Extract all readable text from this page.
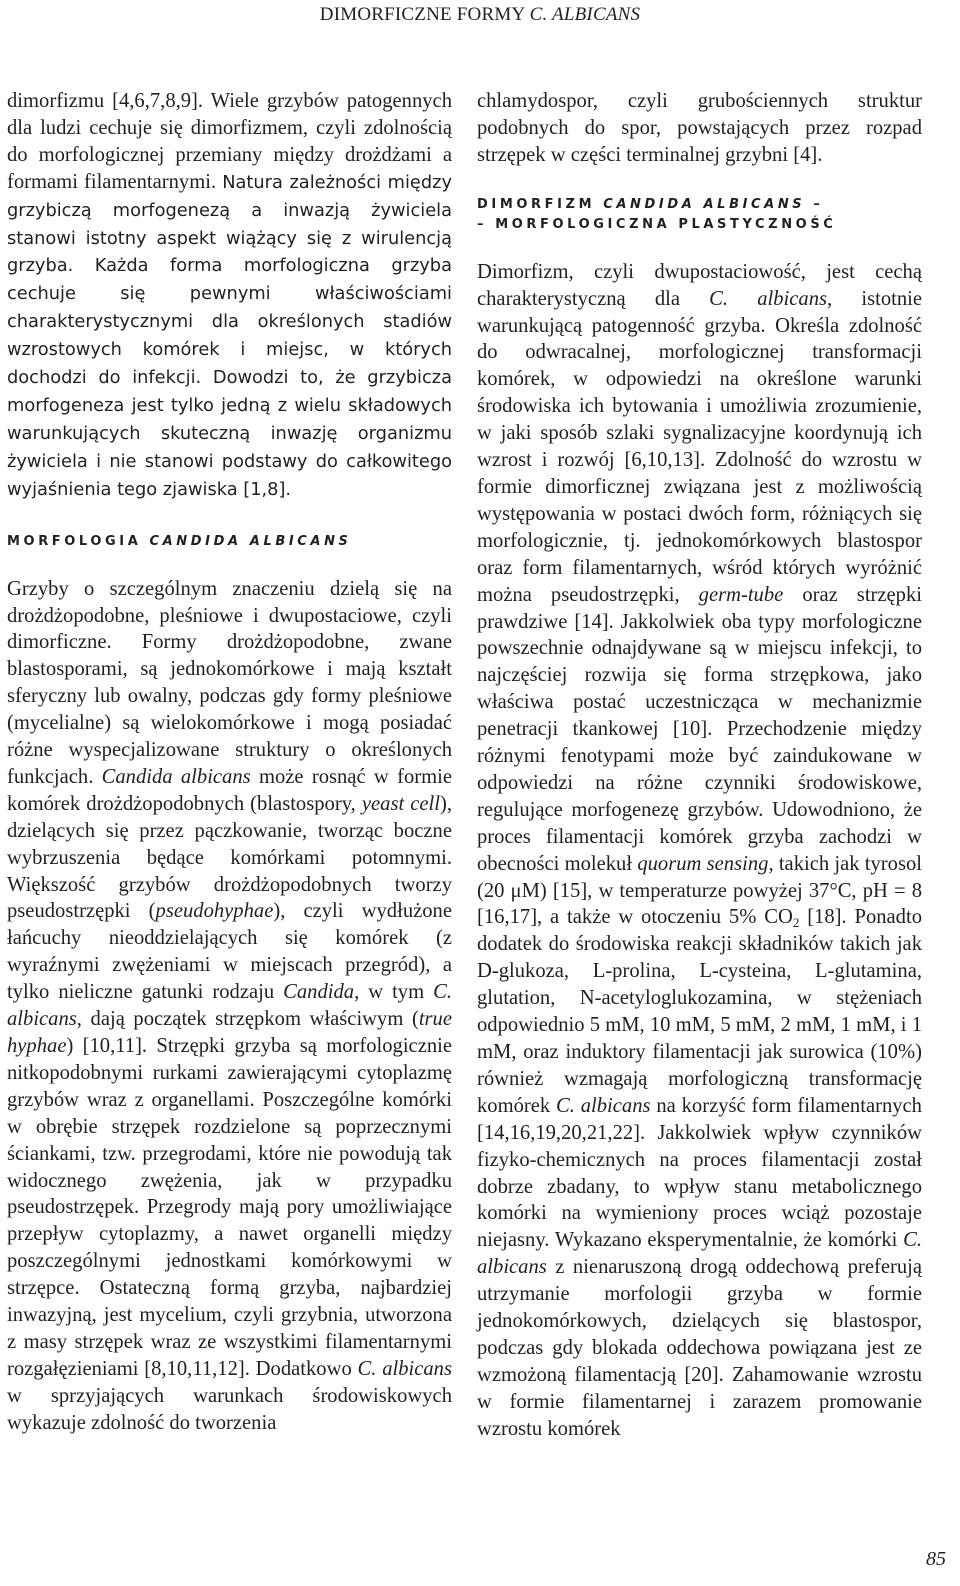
DIMORFICZNE FORMY C. ALBICANS

dimorfizmu [4,6,7,8,9]. Wiele grzybów patogennych dla ludzi cechuje się dimorfizmem, czyli zdolnością do morfologicznej przemiany między drożdżami a formami filamentarnymi. Natura zależności między grzybiczą morfogenezą a inwazją żywiciela stanowi istotny aspekt wiążący się z wirulencją grzyba. Każda forma morfologiczna grzyba cechuje się pewnymi właściwościami charakterystycznymi dla określonych stadiów wzrostowych komórek i miejsc, w których dochodzi do infekcji. Dowodzi to, że grzybicza morfogeneza jest tylko jedną z wielu składowych warunkujących skuteczną inwazję organizmu żywiciela i nie stanowi podstawy do całkowitego wyjaśnienia tego zjawiska [1,8].

MORFOLOGIA CANDIDA ALBICANS

Grzyby o szczególnym znaczeniu dzielą się na drożdżopodobne, pleśniowe i dwupostaciowe, czyli dimorficzne. Formy drożdżopodobne, zwane blastosporami, są jednokomórkowe i mają kształt sferyczny lub owalny, podczas gdy formy pleśniowe (mycelialne) są wielokomórkowe i mogą posiadać różne wyspecjalizowane struktury o określonych funkcjach. Candida albicans może rosnąć w formie komórek drożdżopodobnych (blastospory, yeast cell), dzielących się przez pączkowanie, tworząc boczne wybrzuszenia będące komórkami potomnymi. Większość grzybów drożdżopodobnych tworzy pseudostrzępki (pseudohyphae), czyli wydłużone łańcuchy nieoddzielających się komórek (z wyraźnymi zwężeniami w miejscach przegród), a tylko nieliczne gatunki rodzaju Candida, w tym C. albicans, dają początek strzępkom właściwym (true hyphae) [10,11]. Strzępki grzyba są morfologicznie nitkopodobnymi rurkami zawierającymi cytoplazmę grzybów wraz z organellami. Poszczególne komórki w obrębie strzępek rozdzielone są poprzecznymi ściankami, tzw. przegrodami, które nie powodują tak widocznego zwężenia, jak w przypadku pseudostrzępek. Przegrody mają pory umożliwiające przepływ cytoplazmy, a nawet organelli między poszczególnymi jednostkami komórkowymi w strzępce. Ostateczną formą grzyba, najbardziej inwazyjną, jest mycelium, czyli grzybnia, utworzona z masy strzępek wraz ze wszystkimi filamentarnymi rozgałęzieniami [8,10,11,12]. Dodatkowo C. albicans w sprzyjających warunkach środowiskowych wykazuje zdolność do tworzenia

chlamydospor, czyli grubościennych struktur podobnych do spor, powstających przez rozpad strzępek w części terminalnej grzybni [4].

DIMORFIZM CANDIDA ALBICANS –
– MORFOLOGICZNA PLASTYCZNOŚĆ

Dimorfizm, czyli dwupostaciowość, jest cechą charakterystyczną dla C. albicans, istotnie warunkującą patogenność grzyba. Określa zdolność do odwracalnej, morfologicznej transformacji komórek, w odpowiedzi na określone warunki środowiska ich bytowania i umożliwia zrozumienie, w jaki sposób szlaki sygnalizacyjne koordynują ich wzrost i rozwój [6,10,13]. Zdolność do wzrostu w formie dimorficznej związana jest z możliwością występowania w postaci dwóch form, różniących się morfologicznie, tj. jednokomórkowych blastospor oraz form filamentarnych, wśród których wyróżnić można pseudostrzępki, germ-tube oraz strzępki prawdziwe [14]. Jakkolwiek oba typy morfologiczne powszechnie odnajdywane są w miejscu infekcji, to najczęściej rozwija się forma strzępkowa, jako właściwa postać uczestnicząca w mechanizmie penetracji tkankowej [10]. Przechodzenie między różnymi fenotypami może być zaindukowane w odpowiedzi na różne czynniki środowiskowe, regulujące morfogenezę grzybów. Udowodniono, że proces filamentacji komórek grzyba zachodzi w obecności molekuł quorum sensing, takich jak tyrosol (20 μM) [15], w temperaturze powyżej 37°C, pH = 8 [16,17], a także w otoczeniu 5% $CO_2$ [18]. Ponadto dodatek do środowiska reakcji składników takich jak D-glukoza, L-prolina, L-cysteina, L-glutamina, glutation, N-acetyloglukozamina, w stężeniach odpowiednio 5 mM, 10 mM, 5 mM, 2 mM, 1 mM, i 1 mM, oraz induktory filamentacji jak surowica (10%) również wzmagają morfologiczną transformację komórek C. albicans na korzyść form filamentarnych [14,16,19,20,21,22]. Jakkolwiek wpływ czynników fizyko-chemicznych na proces filamentacji został dobrze zbadany, to wpływ stanu metabolicznego komórki na wymieniony proces wciąż pozostaje niejasny. Wykazano eksperymentalnie, że komórki C. albicans z nienaruszoną drogą oddechową preferują utrzymanie morfologii grzyba w formie jednokomórkowych, dzielących się blastospor, podczas gdy blokada oddechowa powiązana jest ze wzmożoną filamentacją [20]. Zahamowanie wzrostu w formie filamentarnej i zarazem promowanie wzrostu komórek

85
